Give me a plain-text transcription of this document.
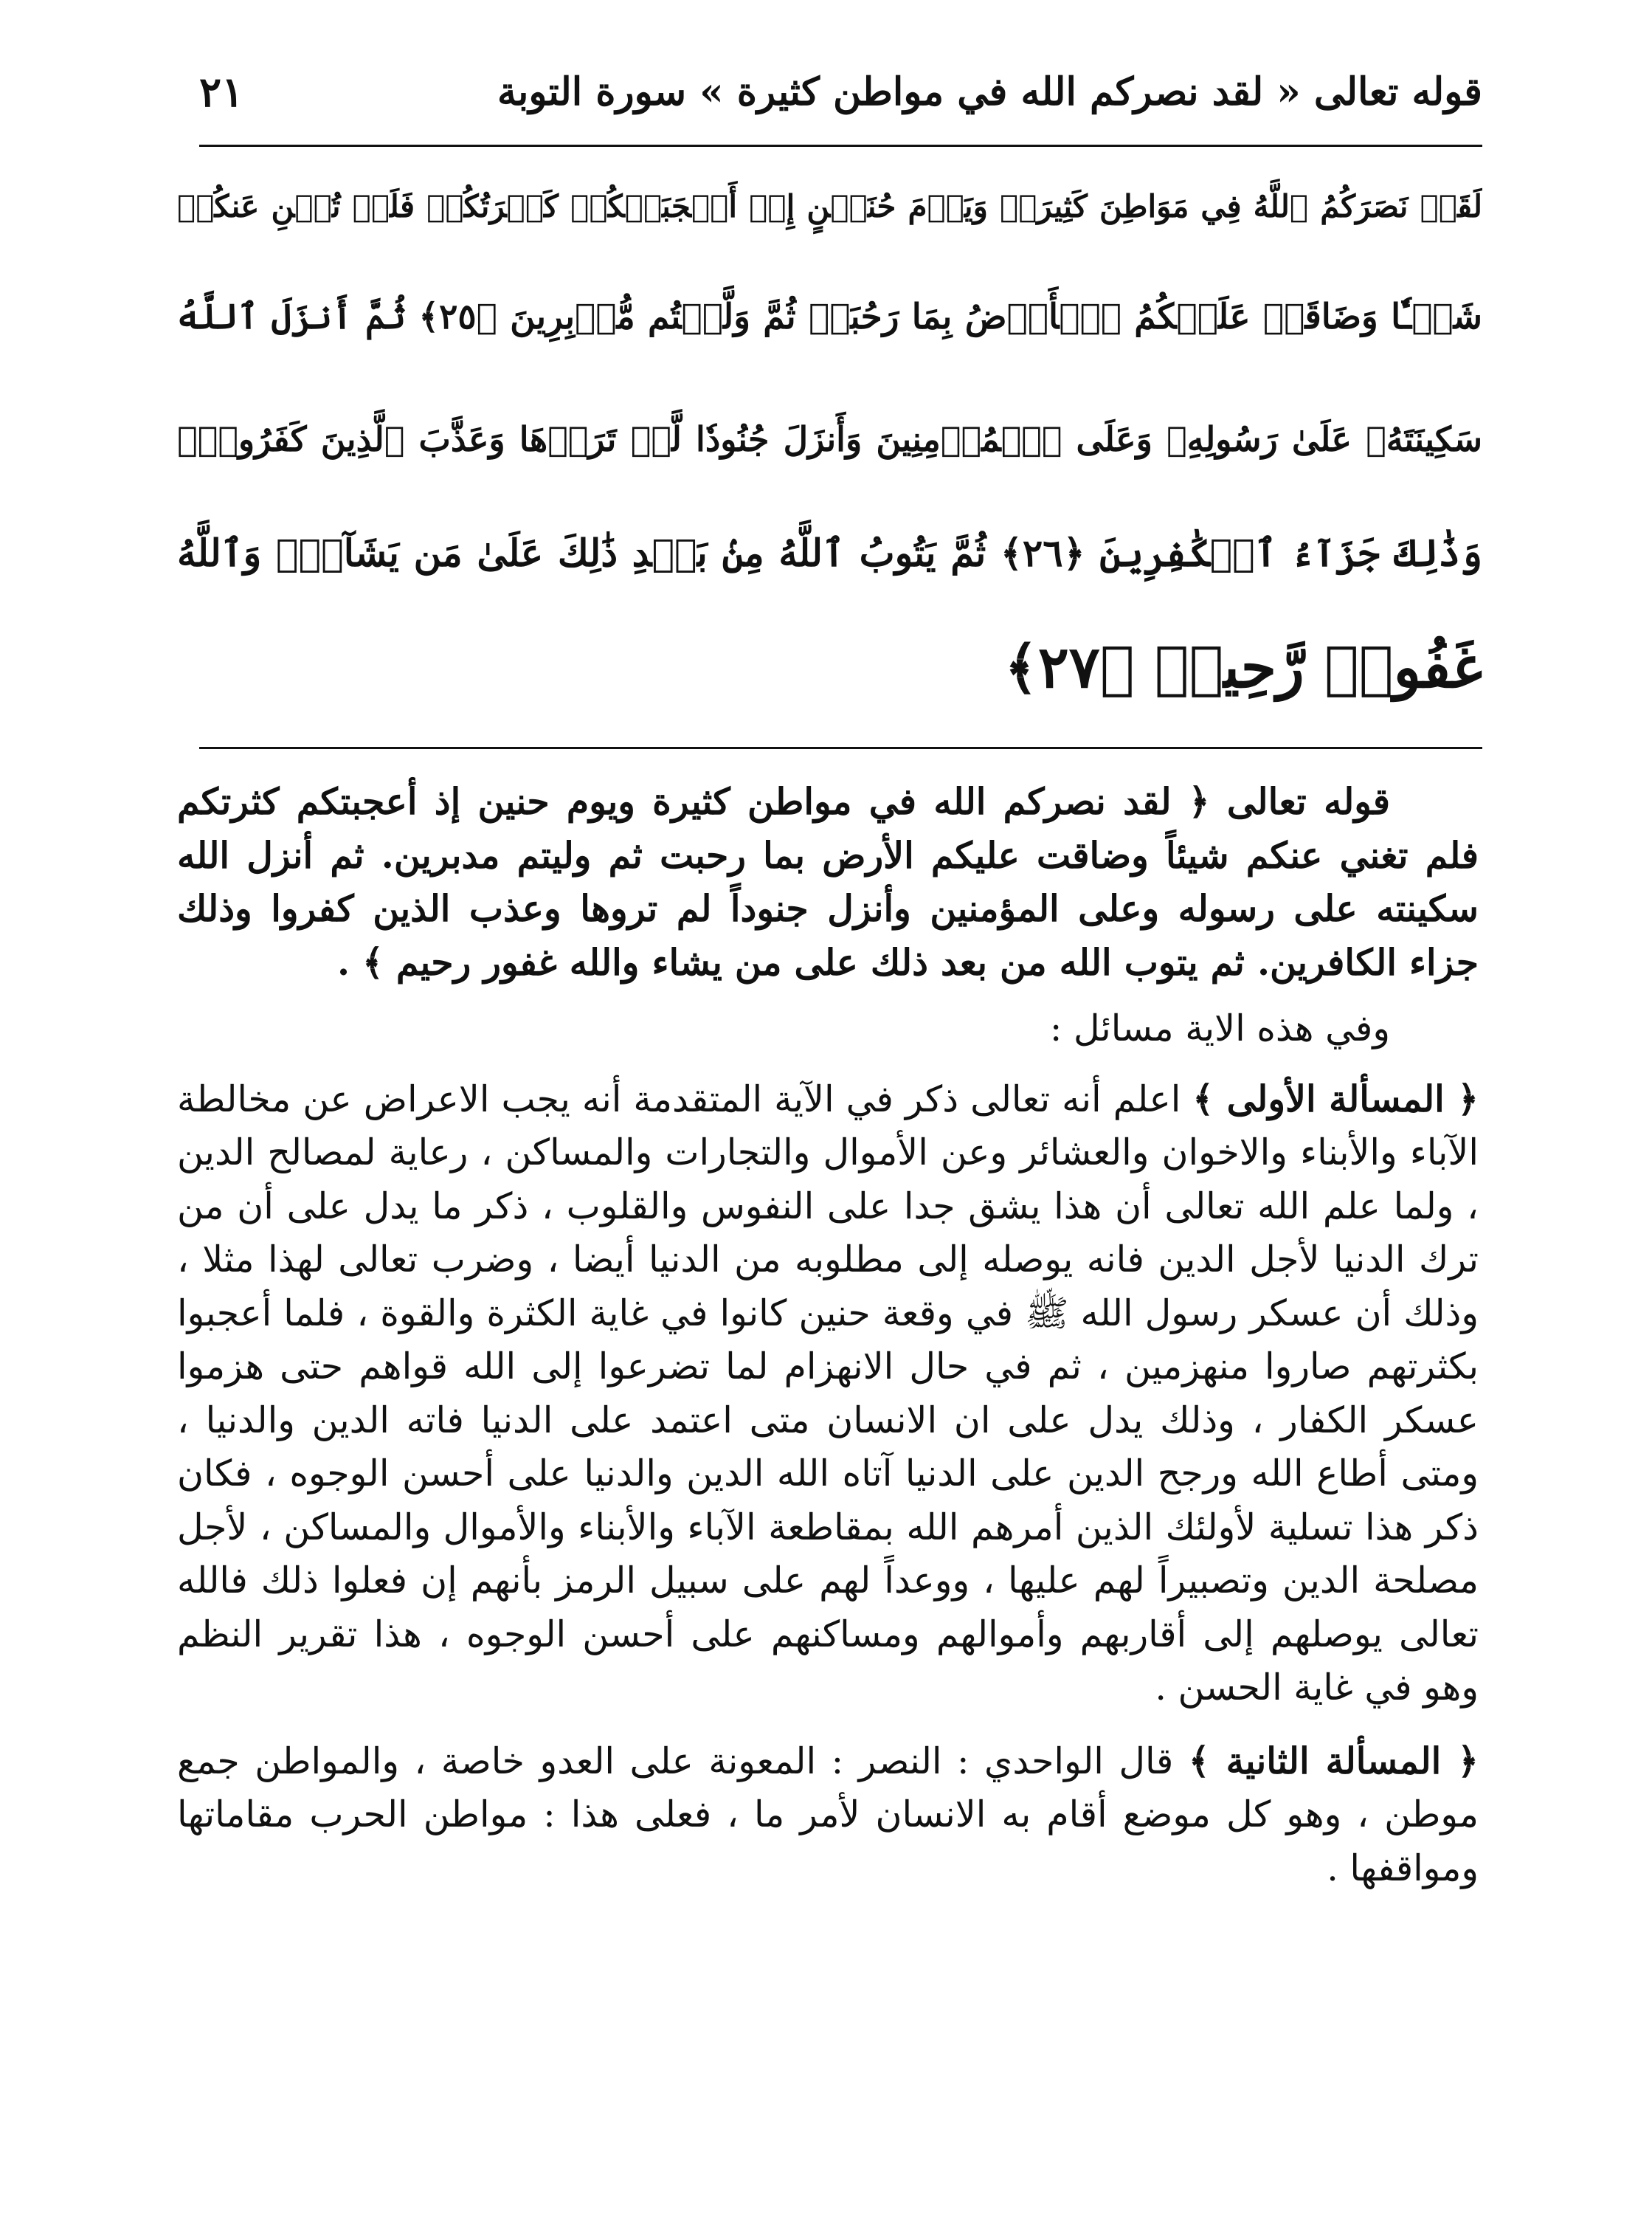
قوله تعالى « لقد نصركم الله في مواطن كثيرة » سورة التوبة
٢١
لَقَدۡ نَصَرَكُمُ ٱللَّهُ فِي مَوَاطِنَ كَثِيرَةٖ وَيَوۡمَ حُنَيۡنٍ إِذۡ أَعۡجَبَتۡكُمۡ كَثۡرَتُكُمۡ فَلَمۡ تُغۡنِ عَنكُمۡ
شَيۡـٔٗا وَضَاقَتۡ عَلَيۡكُمُ ٱلۡأَرۡضُ بِمَا رَحُبَتۡ ثُمَّ وَلَّيۡتُم مُّدۡبِرِينَ ﴿٢٥﴾ ثُمَّ أَنزَلَ ٱللَّهُ
سَكِينَتَهُۥ عَلَىٰ رَسُولِهِۦ وَعَلَى ٱلۡمُؤۡمِنِينَ وَأَنزَلَ جُنُودٗا لَّمۡ تَرَوۡهَا وَعَذَّبَ ٱلَّذِينَ كَفَرُواْۚ
وَذَٰلِكَ جَزَآءُ ٱلۡكَٰفِرِينَ ﴿٢٦﴾ ثُمَّ يَتُوبُ ٱللَّهُ مِنۢ بَعۡدِ ذَٰلِكَ عَلَىٰ مَن يَشَآءُۗ وَٱللَّهُ
غَفُورٞ رَّحِيمٞ ﴿٢٧﴾

قوله تعالى ﴿ لقد نصركم الله في مواطن كثيرة ويوم حنين إذ أعجبتكم كثرتكم فلم تغني عنكم شيئاً وضاقت عليكم الأرض بما رحبت ثم وليتم مدبرين. ثم أنزل الله سكينته على رسوله وعلى المؤمنين وأنزل جنوداً لم تروها وعذب الذين كفروا وذلك جزاء الكافرين. ثم يتوب الله من بعد ذلك على من يشاء والله غفور رحيم ﴾ .

وفي هذه الاية مسائل :

﴿ المسألة الأولى ﴾ اعلم أنه تعالى ذكر في الآية المتقدمة أنه يجب الاعراض عن مخالطة الآباء والأبناء والاخوان والعشائر وعن الأموال والتجارات والمساكن ، رعاية لمصالح الدين ، ولما علم الله تعالى أن هذا يشق جدا على النفوس والقلوب ، ذكر ما يدل على أن من ترك الدنيا لأجل الدين فانه يوصله إلى مطلوبه من الدنيا أيضا ، وضرب تعالى لهذا مثلا ، وذلك أن عسكر رسول الله ﷺ في وقعة حنين كانوا في غاية الكثرة والقوة ، فلما أعجبوا بكثرتهم صاروا منهزمين ، ثم في حال الانهزام لما تضرعوا إلى الله قواهم حتى هزموا عسكر الكفار ، وذلك يدل على ان الانسان متى اعتمد على الدنيا فاته الدين والدنيا ، ومتى أطاع الله ورجح الدين على الدنيا آتاه الله الدين والدنيا على أحسن الوجوه ، فكان ذكر هذا تسلية لأولئك الذين أمرهم الله بمقاطعة الآباء والأبناء والأموال والمساكن ، لأجل مصلحة الدين وتصبيراً لهم عليها ، ووعداً لهم على سبيل الرمز بأنهم إن فعلوا ذلك فالله تعالى يوصلهم إلى أقاربهم وأموالهم ومساكنهم على أحسن الوجوه ، هذا تقرير النظم وهو في غاية الحسن .

﴿ المسألة الثانية ﴾ قال الواحدي : النصر : المعونة على العدو خاصة ، والمواطن جمع موطن ، وهو كل موضع أقام به الانسان لأمر ما ، فعلى هذا : مواطن الحرب مقاماتها ومواقفها .
